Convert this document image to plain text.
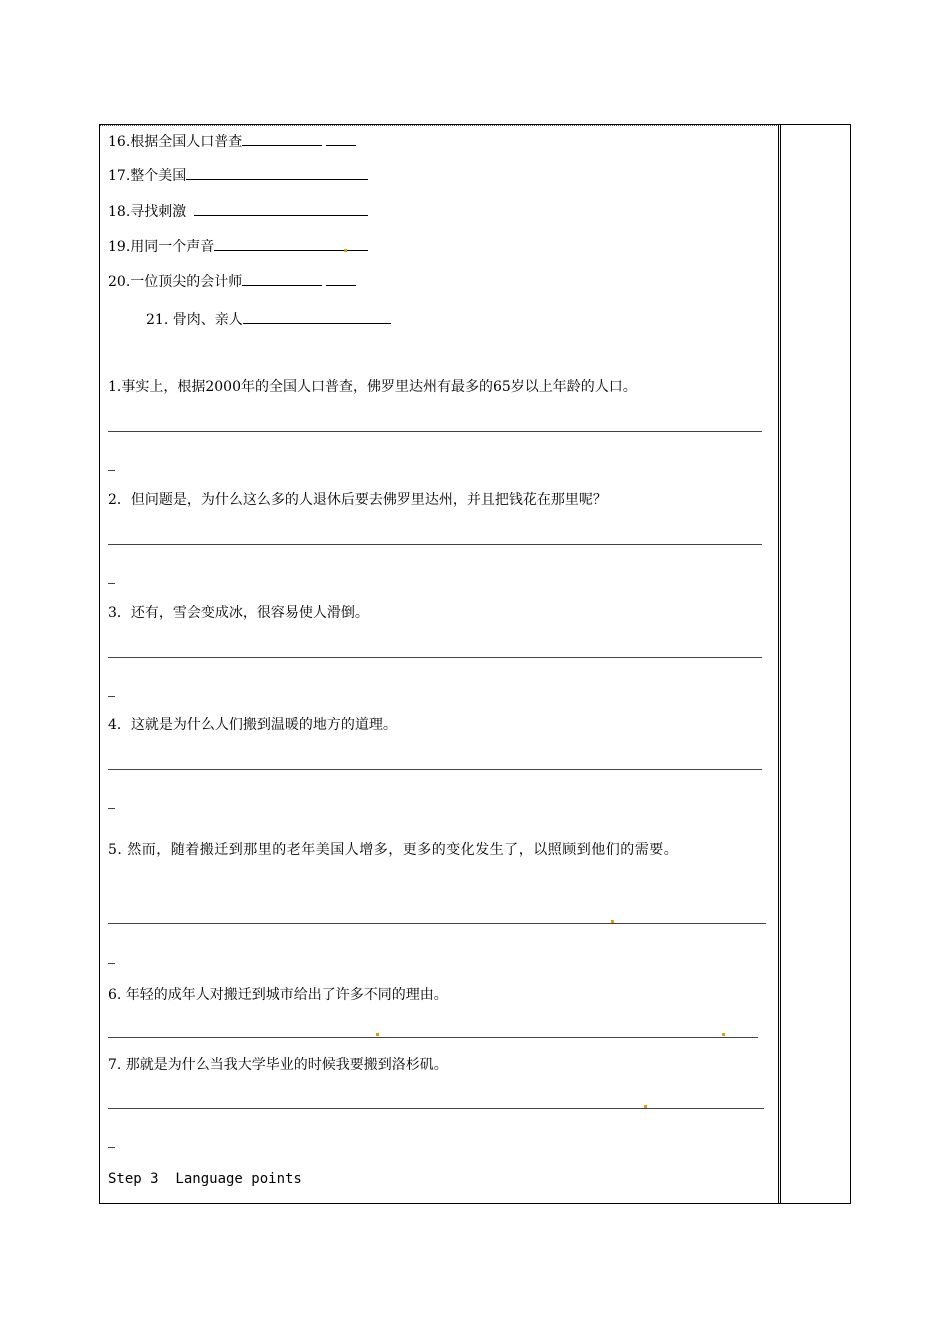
16.根据全国人口普查
17.整个美国
18.寻找刺激
19.用同一个声音
20.一位顶尖的会计师
21. 骨肉、亲人
1.事实上，根据2000年的全国人口普查，佛罗里达州有最多的65岁以上年龄的人口。
2．但问题是，为什么这么多的人退休后要去佛罗里达州，并且把钱花在那里呢？
3．还有，雪会变成冰，很容易使人滑倒。
4．这就是为什么人们搬到温暖的地方的道理。
5. 然而，随着搬迁到那里的老年美国人增多，更多的变化发生了，以照顾到他们的需要。
6. 年轻的成年人对搬迁到城市给出了许多不同的理由。
7. 那就是为什么当我大学毕业的时候我要搬到洛杉矶。
Step 3  Language points
